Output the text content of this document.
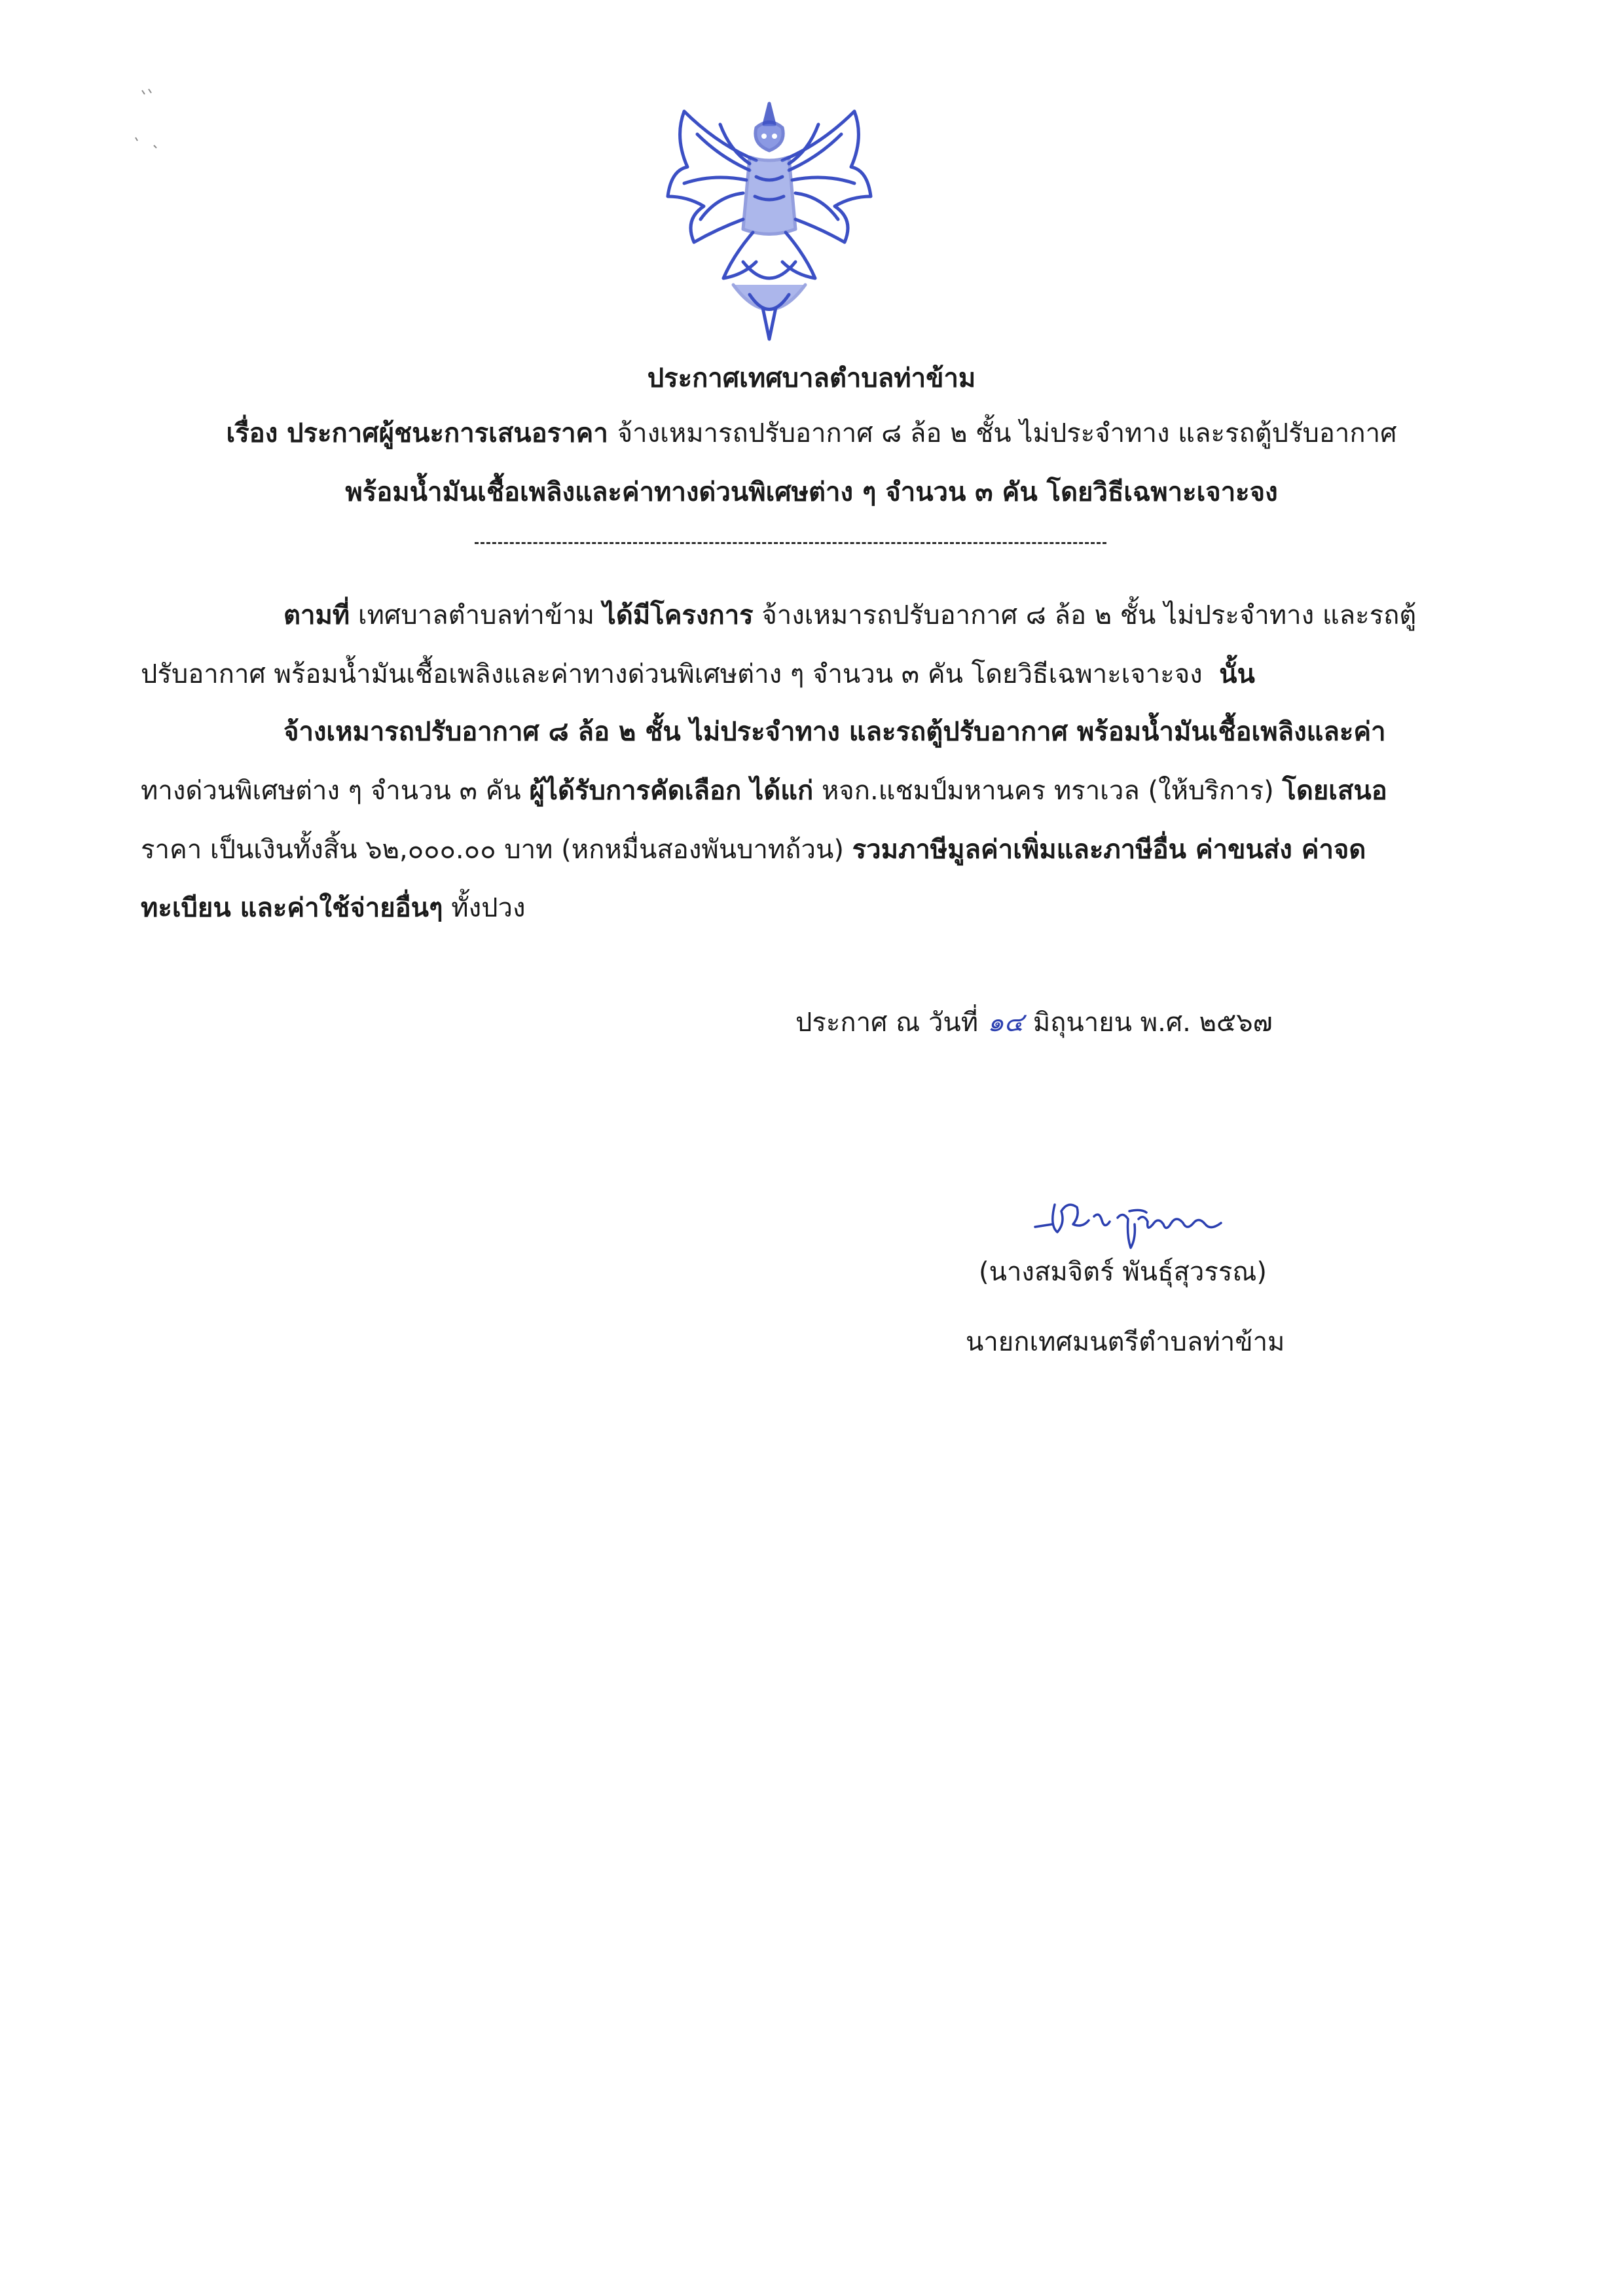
ประกาศเทศบาลตำบลท่าข้าม
เรื่อง ประกาศผู้ชนะการเสนอราคา จ้างเหมารถปรับอากาศ ๘ ล้อ ๒ ชั้น ไม่ประจำทาง และรถตู้ปรับอากาศ
พร้อมน้ำมันเชื้อเพลิงและค่าทางด่วนพิเศษต่าง ๆ จำนวน ๓ คัน โดยวิธีเฉพาะเจาะจง
ตามที่ เทศบาลตำบลท่าข้าม ได้มีโครงการ จ้างเหมารถปรับอากาศ ๘ ล้อ ๒ ชั้น ไม่ประจำทาง และรถตู้
ปรับอากาศ พร้อมน้ำมันเชื้อเพลิงและค่าทางด่วนพิเศษต่าง ๆ จำนวน ๓ คัน โดยวิธีเฉพาะเจาะจง นั้น
จ้างเหมารถปรับอากาศ ๘ ล้อ ๒ ชั้น ไม่ประจำทาง และรถตู้ปรับอากาศ พร้อมน้ำมันเชื้อเพลิงและค่า
ทางด่วนพิเศษต่าง ๆ จำนวน ๓ คัน ผู้ได้รับการคัดเลือก ได้แก่ หจก.แชมป์มหานคร ทราเวล (ให้บริการ) โดยเสนอ
ราคา เป็นเงินทั้งสิ้น ๖๒,๐๐๐.๐๐ บาท (หกหมื่นสองพันบาทถ้วน) รวมภาษีมูลค่าเพิ่มและภาษีอื่น ค่าขนส่ง ค่าจด
ทะเบียน และค่าใช้จ่ายอื่นๆ ทั้งปวง
ประกาศ ณ วันที่ ๑๔ มิถุนายน พ.ศ. ๒๕๖๗
(นางสมจิตร์ พันธุ์สุวรรณ)
นายกเทศมนตรีตำบลท่าข้าม
